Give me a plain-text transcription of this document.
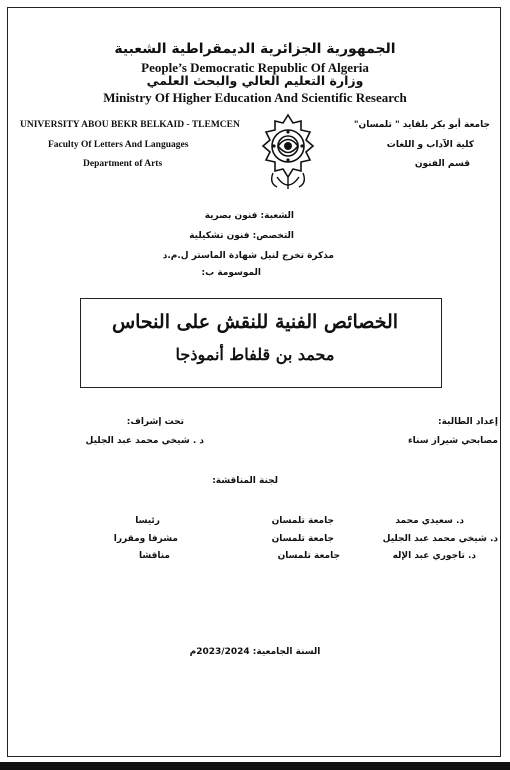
الجمهورية الجزائرية الديمقراطية الشعبية
People’s Democratic Republic Of Algeria
وزارة التعليم العالي والبحث العلمي
Ministry Of Higher Education And Scientific Research
UNIVERSITY ABOU BEKR BELKAID - TLEMCEN
Faculty Of Letters And Languages
Department of Arts
جامعة أبو بكر بلقايد " تلمسان"
كلية الآداب و اللغات
قسم الفنون
الشعبة: فنون بصرية
التخصص: فنون تشكيلية
مذكرة تخرج لنيل شهادة الماستر ل.م.د
الموسومة ب:
الخصائص الفنية للنقش على النحاس
محمد بن قلفاط أنموذجا
إعداد الطالبة:
مصابحي شيراز سناء
تحت إشراف:
د . شيخي محمد عبد الجليل
لجنة المناقشة:
د. سعيدي محمد
جامعة تلمسان
رئيسا
د. شيخي محمد عبد الجليل
جامعة تلمسان
مشرفا ومقررا
د. تاجوري عبد الإله
جامعة تلمسان
مناقشا
السنة الجامعية: 2023/2024م
